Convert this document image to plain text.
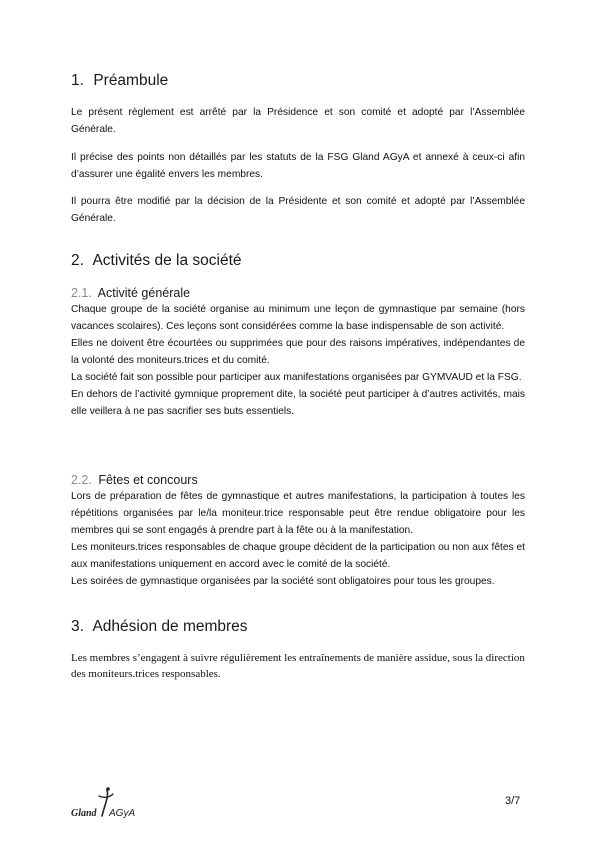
1. Préambule

Le présent règlement est arrêté par la Présidence et son comité et adopté par l’Assemblée Générale.

Il précise des points non détaillés par les statuts de la FSG Gland AGyA et annexé à ceux-ci afin d’assurer une égalité envers les membres.

Il pourra être modifié par la décision de la Présidente et son comité et adopté par l’Assemblée Générale.

2. Activités de la société
2.1. Activité générale

Chaque groupe de la société organise au minimum une leçon de gymnastique par semaine (hors vacances scolaires). Ces leçons sont considérées comme la base indispensable de son activité.

Elles ne doivent être écourtées ou supprimées que pour des raisons impératives, indépendantes de la volonté des moniteurs.trices et du comité.

La société fait son possible pour participer aux manifestations organisées par GYMVAUD et la FSG.

En dehors de l’activité gymnique proprement dite, la société peut participer à d’autres activités, mais elle veillera à ne pas sacrifier ses buts essentiels.

2.2. Fêtes et concours

Lors de préparation de fêtes de gymnastique et autres manifestations, la participation à toutes les répétitions organisées par le/la moniteur.trice responsable peut être rendue obligatoire pour les membres qui se sont engagés à prendre part à la fête ou à la manifestation.

Les moniteurs.trices responsables de chaque groupe décident de la participation ou non aux fêtes et aux manifestations uniquement en accord avec le comité de la société.

Les soirées de gymnastique organisées par la société sont obligatoires pour tous les groupes.

3. Adhésion de membres

Les membres s’engagent à suivre régulièrement les entraînements de manière assidue, sous la direction des moniteurs.trices responsables.

Gland AGyA
3/7
